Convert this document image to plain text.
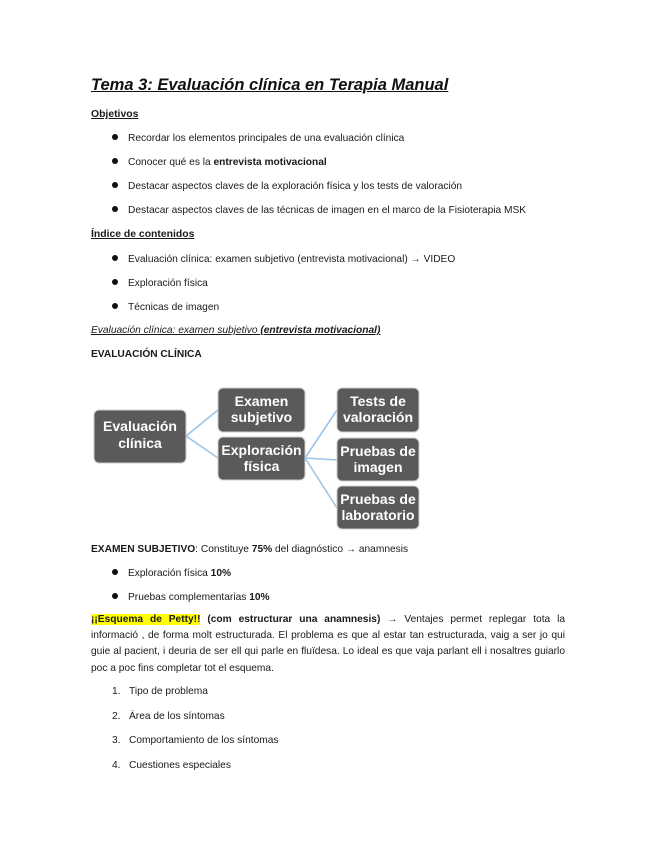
Tema 3: Evaluación clínica en Terapia Manual
Objetivos
Recordar los elementos principales de una evaluación clínica
Conocer qué es la entrevista motivacional
Destacar aspectos claves de la exploración física y los tests de valoración
Destacar aspectos claves de las técnicas de imagen en el marco de la Fisioterapia MSK
Índice de contenidos
Evaluación clínica: examen subjetivo (entrevista motivacional) → VIDEO
Exploración física
Técnicas de imagen
Evaluación clínica: examen subjetivo (entrevista motivacional)
EVALUACIÓN CLÍNICA
Evaluación
clínica
Examen
subjetivo
Exploración
física
Tests de
valoración
Pruebas de
imagen
Pruebas de
laboratorio
EXAMEN SUBJETIVO: Constituye 75% del diagnóstico → anamnesis
Exploración física 10%
Pruebas complementarias 10%
¡¡Esquema de Petty!! (com estructurar una anamnesis) → Ventajes permet replegar tota la informació , de forma molt estructurada. El problema es que al estar tan estructurada, vaig a ser jo qui guie al pacient, i deuria de ser ell qui parle en fluïdesa. Lo ideal es que vaja parlant ell i nosaltres guiarlo poc a poc fins completar tot el esquema.
1. Tipo de problema
2. Área de los síntomas
3. Comportamiento de los síntomas
4. Cuestiones especiales
